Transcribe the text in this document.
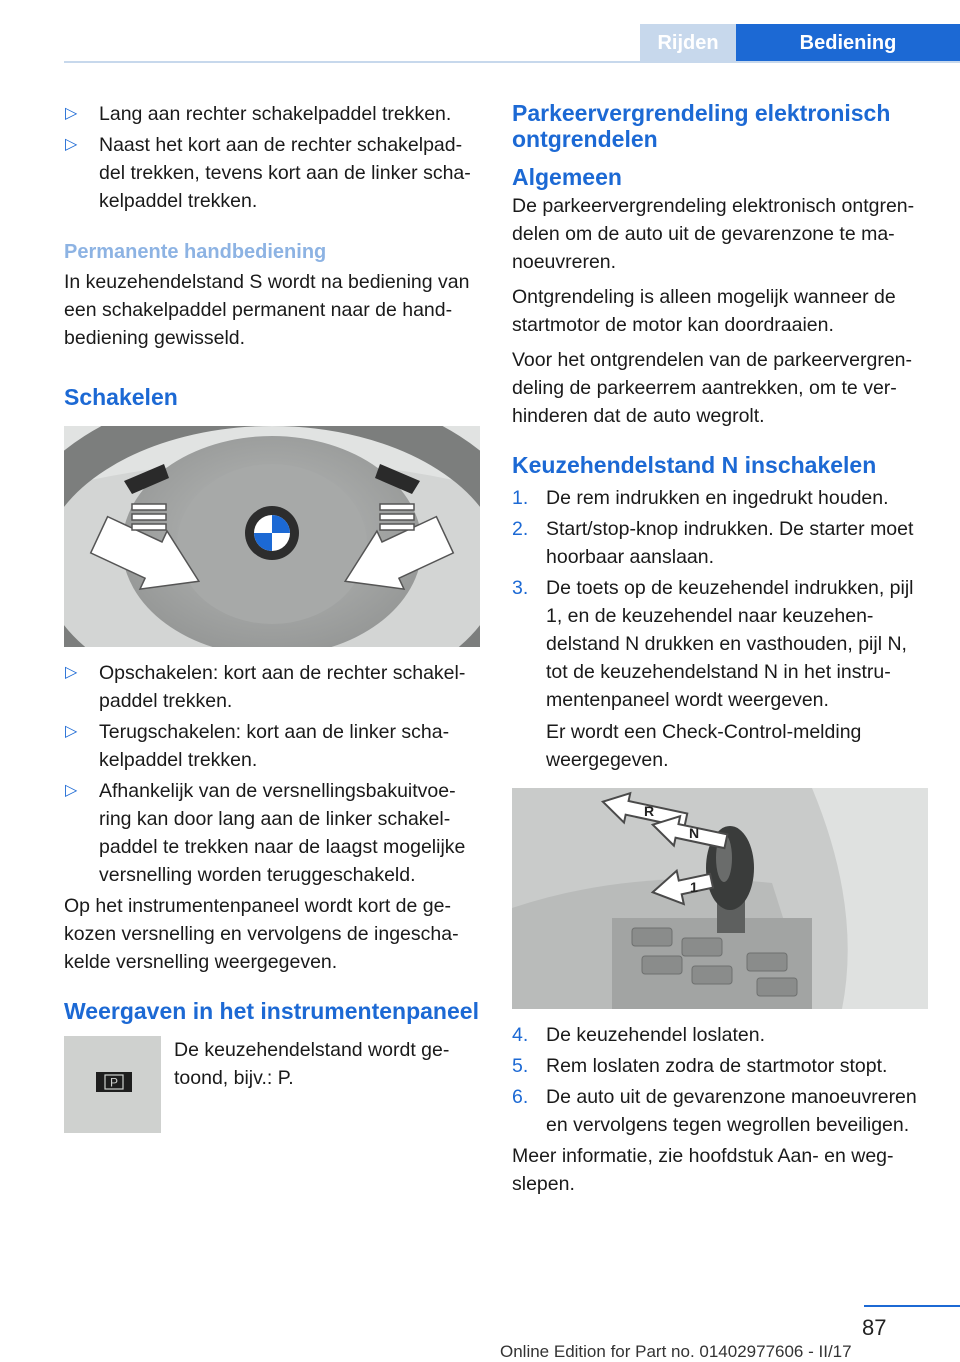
Rijden	Bediening
▷ Lang aan rechter schakelpaddel trekken.
▷ Naast het kort aan de rechter schakelpad‐del trekken, tevens kort aan de linker scha‐kelpaddel trekken.
Permanente handbediening
In keuzehendelstand S wordt na bediening van een schakelpaddel permanent naar de hand‐bediening gewisseld.
Schakelen
▷ Opschakelen: kort aan de rechter schakel‐paddel trekken.
▷ Terugschakelen: kort aan de linker scha‐kelpaddel trekken.
▷ Afhankelijk van de versnellingsbakuitvoe‐ring kan door lang aan de linker schakel‐paddel te trekken naar de laagst mogelijke versnelling worden teruggeschakeld.
Op het instrumentenpaneel wordt kort de ge‐kozen versnelling en vervolgens de ingescha‐kelde versnelling weergegeven.
Weergaven in het instrumentenpaneel
P
De keuzehendelstand wordt ge‐toond, bijv.: P.
Parkeervergrendeling elektronisch ontgrendelen
Algemeen
De parkeervergrendeling elektronisch ontgren‐delen om de auto uit de gevarenzone te ma‐noeuvreren.
Ontgrendeling is alleen mogelijk wanneer de startmotor de motor kan doordraaien.
Voor het ontgrendelen van de parkeervergren‐deling de parkeerrem aantrekken, om te ver‐hinderen dat de auto wegrolt.
Keuzehendelstand N inschakelen
1. De rem indrukken en ingedrukt houden.
2. Start/stop-knop indrukken. De starter moet hoorbaar aanslaan.
3. De toets op de keuzehendel indrukken, pijl 1, en de keuzehendel naar keuzehen‐delstand N drukken en vasthouden, pijl N, tot de keuzehendelstand N in het instru‐mentenpaneel wordt weergeven.
Er wordt een Check-Control-melding weergegeven.
R
N
1
4. De keuzehendel loslaten.
5. Rem loslaten zodra de startmotor stopt.
6. De auto uit de gevarenzone manoeuvreren en vervolgens tegen wegrollen beveiligen.
Meer informatie, zie hoofdstuk Aan- en weg‐slepen.
87
Online Edition for Part no. 01402977606 - II/17
